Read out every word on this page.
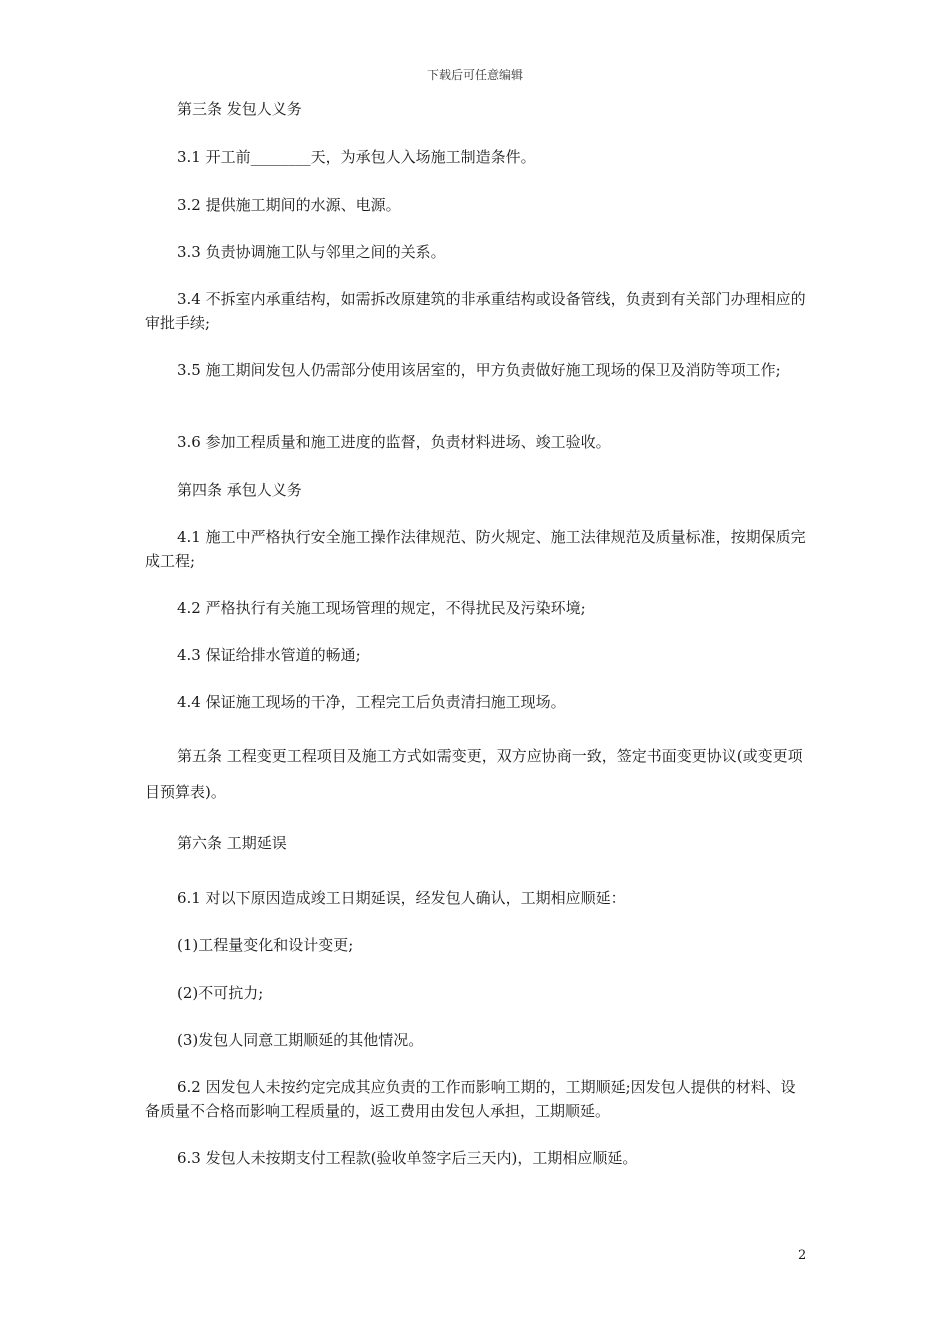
下载后可任意编辑
第三条 发包人义务
3.1 开工前________天，为承包人入场施工制造条件。
3.2 提供施工期间的水源、电源。
3.3 负责协调施工队与邻里之间的关系。
3.4 不拆室内承重结构，如需拆改原建筑的非承重结构或设备管线，负责到有关部门办理相应的审批手续;
3.5 施工期间发包人仍需部分使用该居室的，甲方负责做好施工现场的保卫及消防等项工作;
3.6 参加工程质量和施工进度的监督，负责材料进场、竣工验收。
第四条 承包人义务
4.1 施工中严格执行安全施工操作法律规范、防火规定、施工法律规范及质量标准，按期保质完成工程;
4.2 严格执行有关施工现场管理的规定，不得扰民及污染环境;
4.3 保证给排水管道的畅通;
4.4 保证施工现场的干净，工程完工后负责清扫施工现场。
第五条 工程变更工程项目及施工方式如需变更，双方应协商一致，签定书面变更协议(或变更项目预算表)。
第六条 工期延误
6.1 对以下原因造成竣工日期延误，经发包人确认，工期相应顺延：
(1)工程量变化和设计变更;
(2)不可抗力;
(3)发包人同意工期顺延的其他情况。
6.2 因发包人未按约定完成其应负责的工作而影响工期的，工期顺延;因发包人提供的材料、设备质量不合格而影响工程质量的，返工费用由发包人承担，工期顺延。
6.3 发包人未按期支付工程款(验收单签字后三天内)，工期相应顺延。
2
